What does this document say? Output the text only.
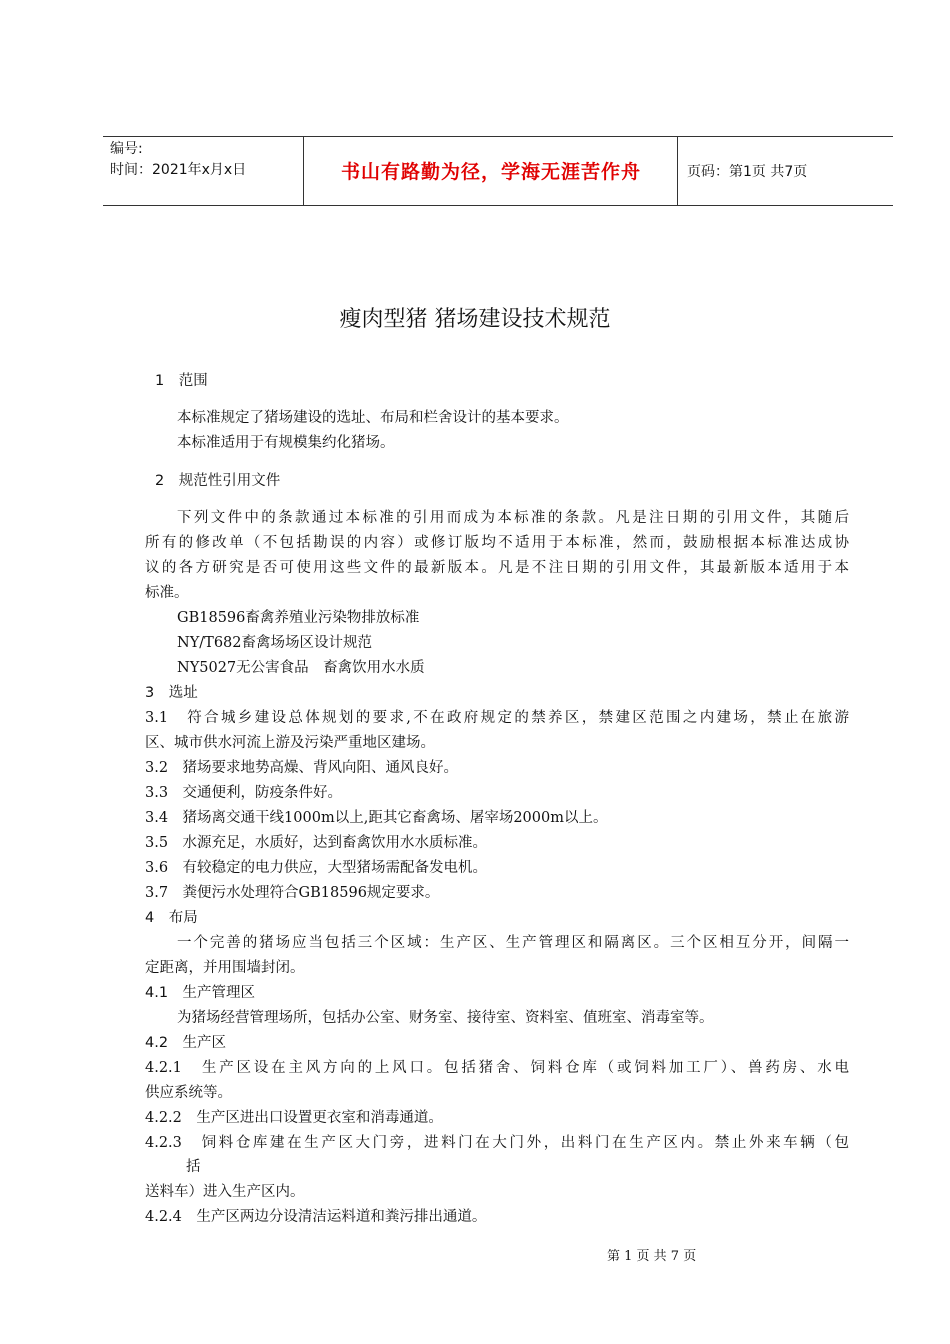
编号:
时间：2021年x月x日	书山有路勤为径，学海无涯苦作舟	页码：第1页 共7页
瘦肉型猪 猪场建设技术规范
1　范围
本标准规定了猪场建设的选址、布局和栏舍设计的基本要求。
本标准适用于有规模集约化猪场。
2　规范性引用文件
下列文件中的条款通过本标准的引用而成为本标准的条款。凡是注日期的引用文件，其随后
所有的修改单（不包括勘误的内容）或修订版均不适用于本标准，然而，鼓励根据本标准达成协
议的各方研究是否可使用这些文件的最新版本。凡是不注日期的引用文件，其最新版本适用于本
标准。
GB18596畜禽养殖业污染物排放标准
NY/T682畜禽场场区设计规范
NY5027无公害食品　畜禽饮用水水质
3　选址
3.1　符合城乡建设总体规划的要求,不在政府规定的禁养区，禁建区范围之内建场，禁止在旅游
区、城市供水河流上游及污染严重地区建场。
3.2　猪场要求地势高燥、背风向阳、通风良好。
3.3　交通便利，防疫条件好。
3.4　猪场离交通干线1000m以上,距其它畜禽场、屠宰场2000m以上。
3.5　水源充足，水质好，达到畜禽饮用水水质标准。
3.6　有较稳定的电力供应，大型猪场需配备发电机。
3.7　粪便污水处理符合GB18596规定要求。
4　布局
一个完善的猪场应当包括三个区域：生产区、生产管理区和隔离区。三个区相互分开，间隔一
定距离，并用围墙封闭。
4.1　生产管理区
为猪场经营管理场所，包括办公室、财务室、接待室、资料室、值班室、消毒室等。
4.2　生产区
4.2.1　生产区设在主风方向的上风口。包括猪舍、饲料仓库（或饲料加工厂）、兽药房、水电
供应系统等。
4.2.2　生产区进出口设置更衣室和消毒通道。
4.2.3　饲料仓库建在生产区大门旁，进料门在大门外，出料门在生产区内。禁止外来车辆（包
括
送料车）进入生产区内。
4.2.4　生产区两边分设清洁运料道和粪污排出通道。
第 1 页 共 7 页
